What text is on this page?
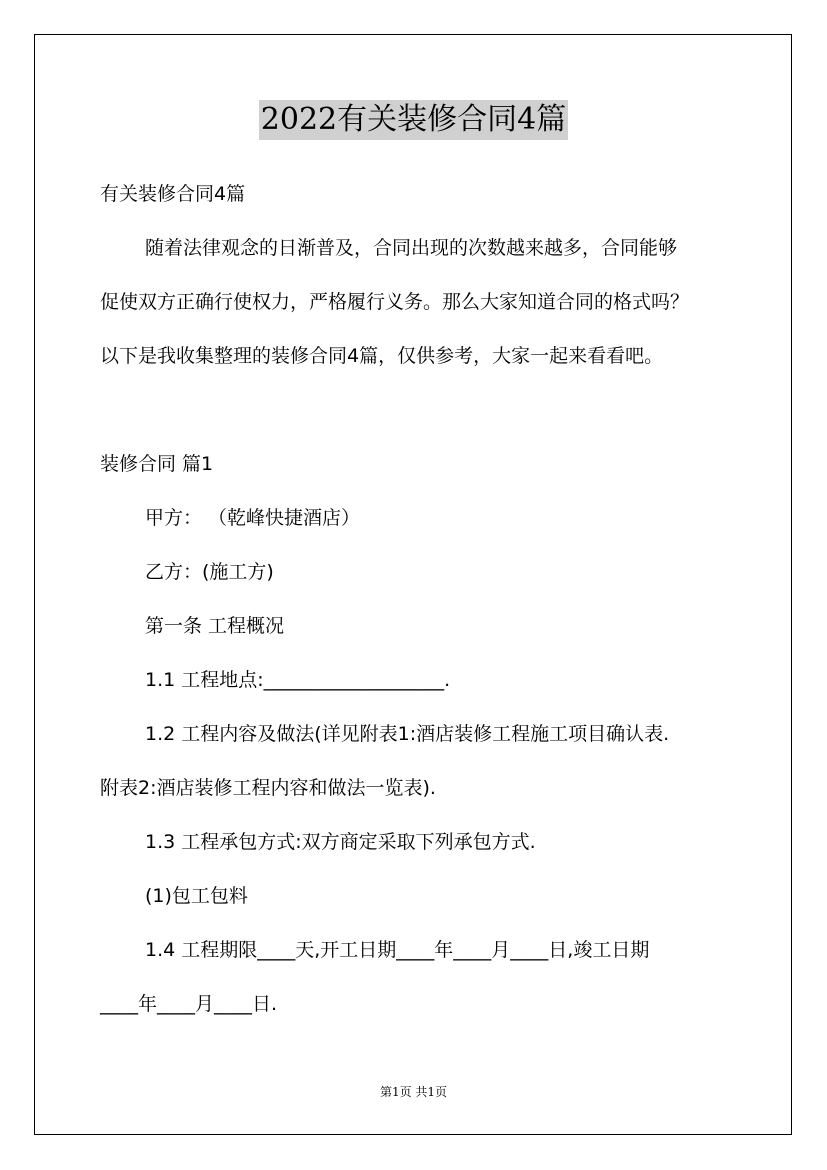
2022有关装修合同4篇
有关装修合同4篇
随着法律观念的日渐普及，合同出现的次数越来越多，合同能够
促使双方正确行使权力，严格履行义务。那么大家知道合同的格式吗？
以下是我收集整理的装修合同4篇，仅供参考，大家一起来看看吧。
装修合同 篇1
甲方： （乾峰快捷酒店）
乙方：(施工方)
第一条 工程概况
1.1 工程地点:___________________.
1.2 工程内容及做法(详见附表1:酒店装修工程施工项目确认表.
附表2:酒店装修工程内容和做法一览表).
1.3 工程承包方式:双方商定采取下列承包方式.
(1)包工包料
1.4 工程期限____天,开工日期____年____月____日,竣工日期
____年____月____日.
第1页 共1页
